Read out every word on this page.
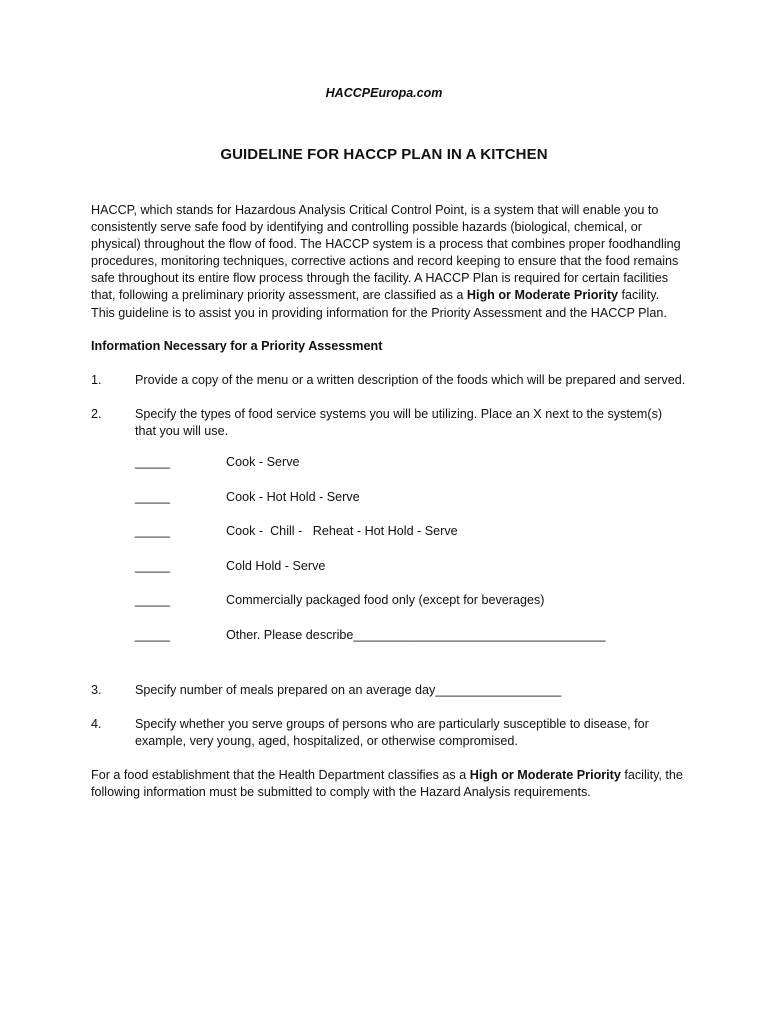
HACCPEuropa.com
GUIDELINE FOR HACCP PLAN IN A KITCHEN

HACCP, which stands for Hazardous Analysis Critical Control Point, is a system that will enable you to consistently serve safe food by identifying and controlling possible hazards (biological, chemical, or physical) throughout the flow of food. The HACCP system is a process that combines proper foodhandling procedures, monitoring techniques, corrective actions and record keeping to ensure that the food remains safe throughout its entire flow process through the facility. A HACCP Plan is required for certain facilities that, following a preliminary priority assessment, are classified as a High or Moderate Priority facility. This guideline is to assist you in providing information for the Priority Assessment and the HACCP Plan.

Information Necessary for a Priority Assessment

1.	Provide a copy of the menu or a written description of the foods which will be prepared and served.
2.	Specify the types of food service systems you will be utilizing. Place an X next to the system(s) that you will use.
_____	Cook - Serve
_____	Cook - Hot Hold - Serve
_____	Cook -  Chill -   Reheat - Hot Hold - Serve
_____	Cold Hold - Serve
_____	Commercially packaged food only (except for beverages)
_____	Other. Please describe____________________________________
3.	Specify number of meals prepared on an average day__________________
4.	Specify whether you serve groups of persons who are particularly susceptible to disease, for example, very young, aged, hospitalized, or otherwise compromised.

For a food establishment that the Health Department classifies as a High or Moderate Priority facility, the following information must be submitted to comply with the Hazard Analysis requirements.
